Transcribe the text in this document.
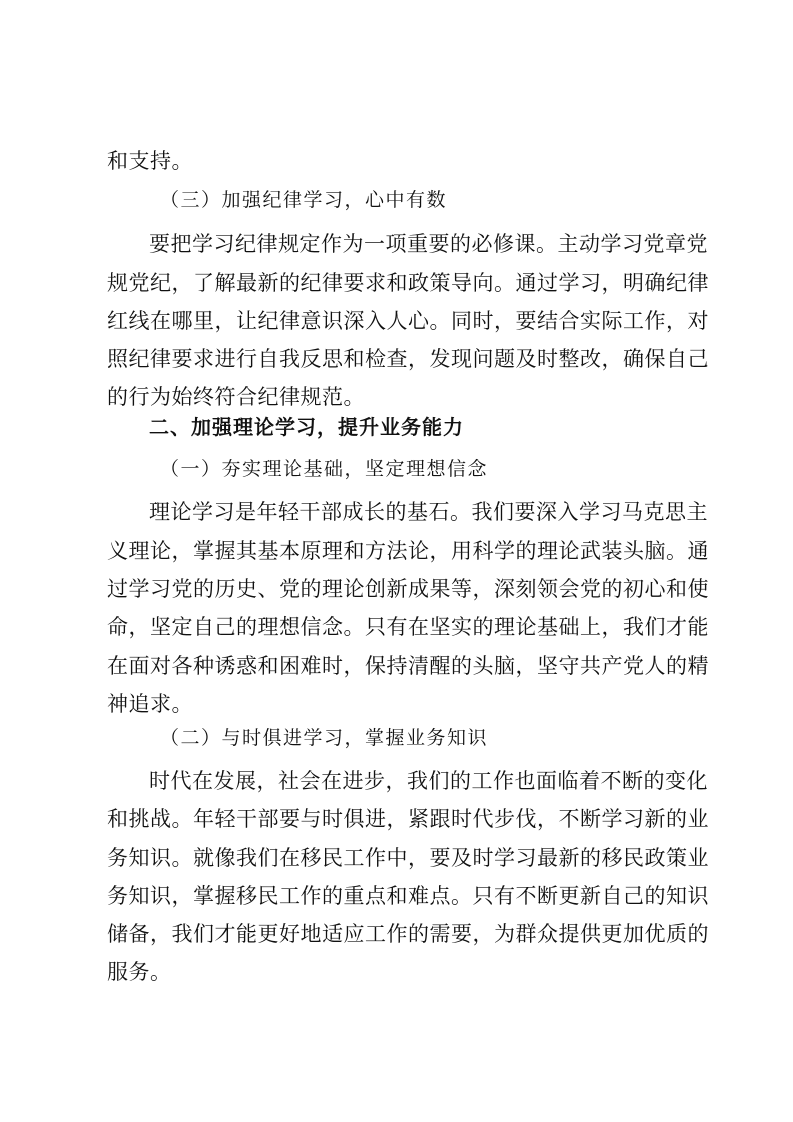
和支持。
（三）加强纪律学习，心中有数
要把学习纪律规定作为一项重要的必修课。主动学习党章党
规党纪，了解最新的纪律要求和政策导向。通过学习，明确纪律
红线在哪里，让纪律意识深入人心。同时，要结合实际工作，对
照纪律要求进行自我反思和检查，发现问题及时整改，确保自己
的行为始终符合纪律规范。
二、加强理论学习，提升业务能力
（一）夯实理论基础，坚定理想信念
理论学习是年轻干部成长的基石。我们要深入学习马克思主
义理论，掌握其基本原理和方法论，用科学的理论武装头脑。通
过学习党的历史、党的理论创新成果等，深刻领会党的初心和使
命，坚定自己的理想信念。只有在坚实的理论基础上，我们才能
在面对各种诱惑和困难时，保持清醒的头脑，坚守共产党人的精
神追求。
（二）与时俱进学习，掌握业务知识
时代在发展，社会在进步，我们的工作也面临着不断的变化
和挑战。年轻干部要与时俱进，紧跟时代步伐，不断学习新的业
务知识。就像我们在移民工作中，要及时学习最新的移民政策业
务知识，掌握移民工作的重点和难点。只有不断更新自己的知识
储备，我们才能更好地适应工作的需要，为群众提供更加优质的
服务。
